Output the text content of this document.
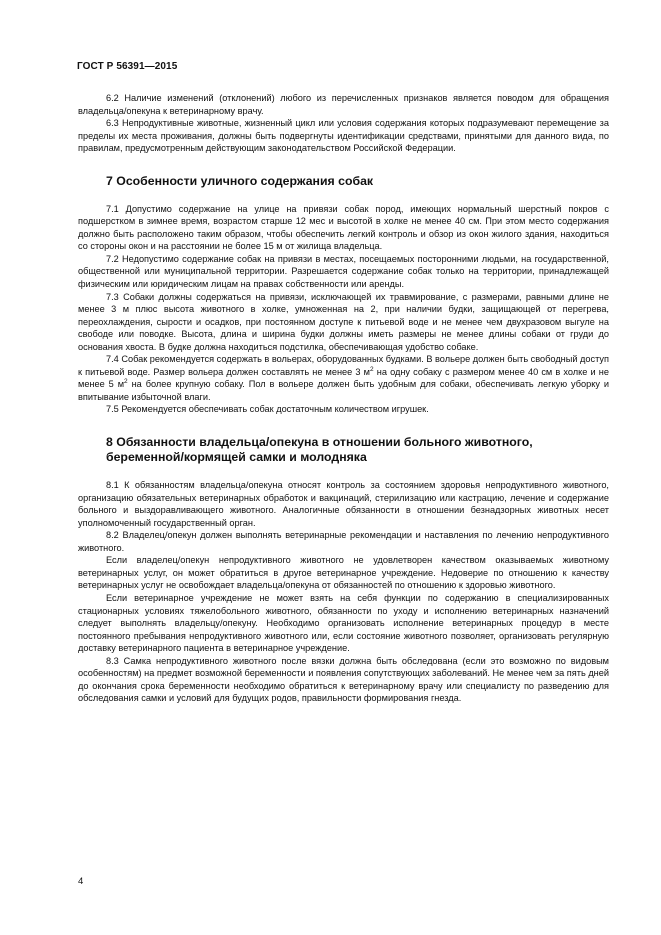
ГОСТ Р 56391—2015

6.2 Наличие изменений (отклонений) любого из перечисленных признаков является поводом для обращения владельца/опекуна к ветеринарному врачу.

6.3 Непродуктивные животные, жизненный цикл или условия содержания которых подразумевают перемещение за пределы их места проживания, должны быть подвергнуты идентификации средствами, принятыми для данного вида, по правилам, предусмотренным действующим законодательством Российской Федерации.

7 Особенности уличного содержания собак

7.1 Допустимо содержание на улице на привязи собак пород, имеющих нормальный шерстный покров с подшерстком в зимнее время, возрастом старше 12 мес и высотой в холке не менее 40 см. При этом место содержания должно быть расположено таким образом, чтобы обеспечить легкий контроль и обзор из окон жилого здания, находиться со стороны окон и на расстоянии не более 15 м от жилища владельца.

7.2 Недопустимо содержание собак на привязи в местах, посещаемых посторонними людьми, на государственной, общественной или муниципальной территории. Разрешается содержание собак только на территории, принадлежащей физическим или юридическим лицам на правах собственности или аренды.

7.3 Собаки должны содержаться на привязи, исключающей их травмирование, с размерами, равными длине не менее 3 м плюс высота животного в холке, умноженная на 2, при наличии будки, защищающей от перегрева, переохлаждения, сырости и осадков, при постоянном доступе к питьевой воде и не менее чем двухразовом выгуле на свободе или поводке. Высота, длина и ширина будки должны иметь размеры не менее длины собаки от груди до основания хвоста. В будке должна находиться подстилка, обеспечивающая удобство собаке.

7.4 Собак рекомендуется содержать в вольерах, оборудованных будками. В вольере должен быть свободный доступ к питьевой воде. Размер вольера должен составлять не менее 3 $м^2$ на одну собаку с размером менее 40 см в холке и не менее 5 $м^2$ на более крупную собаку. Пол в вольере должен быть удобным для собаки, обеспечивать легкую уборку и впитывание избыточной влаги.

7.5 Рекомендуется обеспечивать собак достаточным количеством игрушек.

8 Обязанности владельца/опекуна в отношении больного животного,
беременной/кормящей самки и молодняка

8.1 К обязанностям владельца/опекуна относят контроль за состоянием здоровья непродуктивного животного, организацию обязательных ветеринарных обработок и вакцинаций, стерилизацию или кастрацию, лечение и содержание больного и выздоравливающего животного. Аналогичные обязанности в отношении безнадзорных животных несет уполномоченный государственный орган.

8.2 Владелец/опекун должен выполнять ветеринарные рекомендации и наставления по лечению непродуктивного животного.

Если владелец/опекун непродуктивного животного не удовлетворен качеством оказываемых животному ветеринарных услуг, он может обратиться в другое ветеринарное учреждение. Недоверие по отношению к качеству ветеринарных услуг не освобождает владельца/опекуна от обязанностей по отношению к здоровью животного.

Если ветеринарное учреждение не может взять на себя функции по содержанию в специализированных стационарных условиях тяжелобольного животного, обязанности по уходу и исполнению ветеринарных назначений следует выполнять владельцу/опекуну. Необходимо организовать исполнение ветеринарных процедур в месте постоянного пребывания непродуктивного животного или, если состояние животного позволяет, организовать регулярную доставку ветеринарного пациента в ветеринарное учреждение.

8.3 Самка непродуктивного животного после вязки должна быть обследована (если это возможно по видовым особенностям) на предмет возможной беременности и появления сопутствующих заболеваний. Не менее чем за пять дней до окончания срока беременности необходимо обратиться к ветеринарному врачу или специалисту по разведению для обследования самки и условий для будущих родов, правильности формирования гнезда.

4
